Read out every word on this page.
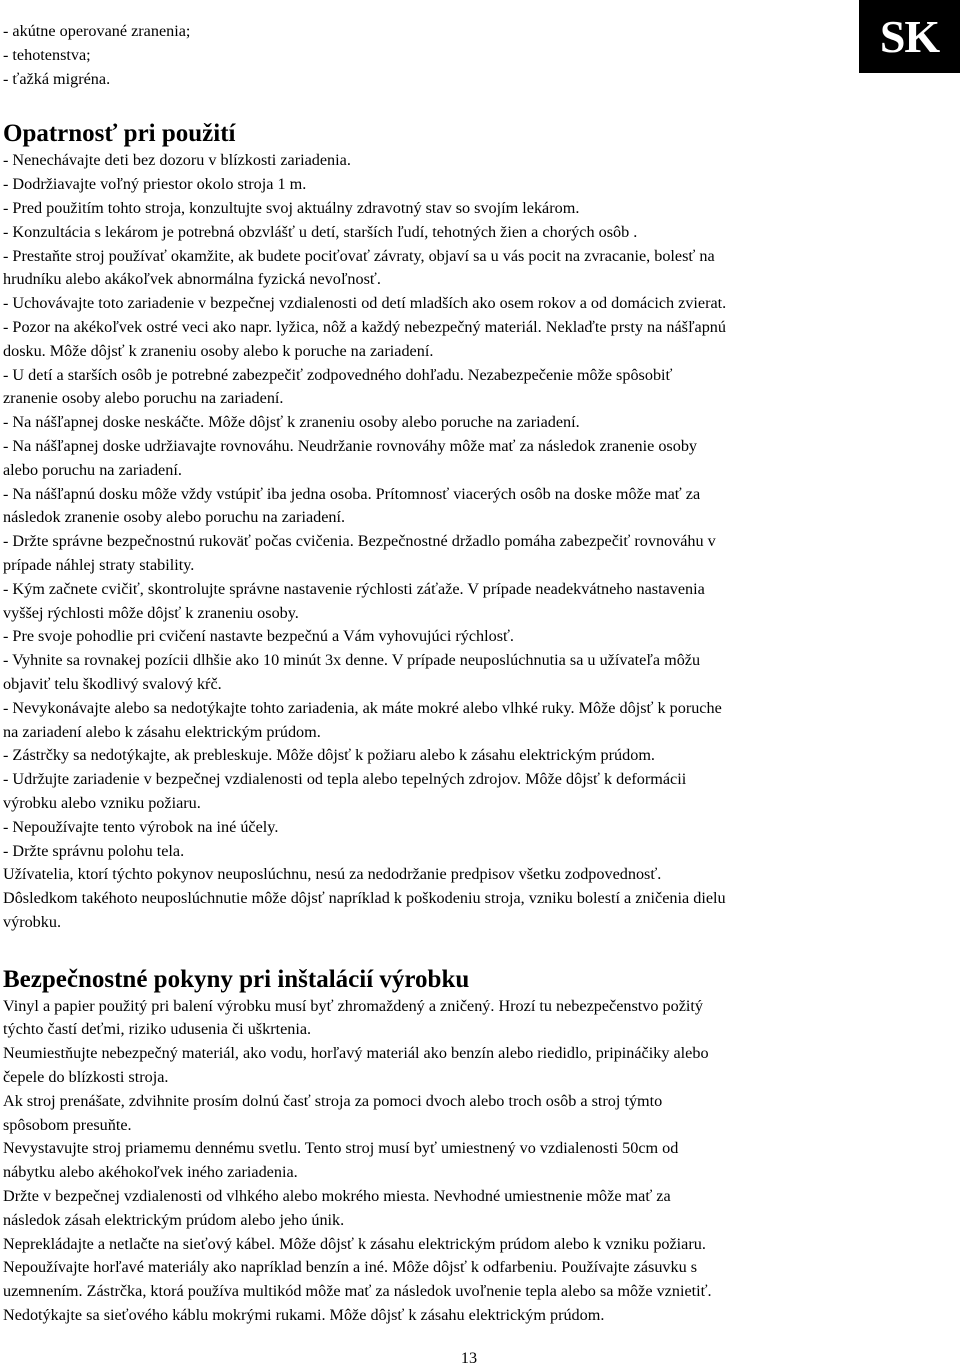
SK

- akútne operované zranenia;

- tehotenstva;

- ťažká migréna.

Opatrnosť pri použití

- Nenechávajte deti bez dozoru v blízkosti zariadenia.

- Dodržiavajte voľný priestor okolo stroja 1 m.

- Pred použitím tohto stroja, konzultujte svoj aktuálny zdravotný stav so svojím lekárom.

- Konzultácia s lekárom je potrebná obzvlášť u detí, starších ľudí, tehotných žien a chorých osôb .

- Prestaňte stroj používať okamžite, ak budete pociťovať závraty, objaví sa u vás pocit na zvracanie, bolesť na

hrudníku alebo akákoľvek abnormálna fyzická nevoľnosť.

- Uchovávajte toto zariadenie v bezpečnej vzdialenosti od detí mladších ako osem rokov a od domácich zvierat.

- Pozor na akékoľvek ostré veci ako napr. lyžica, nôž a každý nebezpečný materiál. Neklaďte prsty na nášľapnú

dosku. Môže dôjsť k zraneniu osoby alebo k poruche na zariadení.

- U detí a starších osôb je potrebné zabezpečiť zodpovedného dohľadu. Nezabezpečenie môže spôsobiť

zranenie osoby alebo poruchu na zariadení.

- Na nášľapnej doske neskáčte. Môže dôjsť k zraneniu osoby alebo poruche na zariadení.

- Na nášľapnej doske udržiavajte rovnováhu. Neudržanie rovnováhy môže mať za následok zranenie osoby

alebo poruchu na zariadení.

- Na nášľapnú dosku môže vždy vstúpiť iba jedna osoba. Prítomnosť viacerých osôb na doske môže mať za

následok zranenie osoby alebo poruchu na zariadení.

- Držte správne bezpečnostnú rukoväť počas cvičenia. Bezpečnostné držadlo pomáha zabezpečiť rovnováhu v

prípade náhlej straty stability.

- Kým začnete cvičiť, skontrolujte správne nastavenie rýchlosti záťaže. V prípade neadekvátneho nastavenia

vyššej rýchlosti môže dôjsť k zraneniu osoby.

- Pre svoje pohodlie pri cvičení nastavte bezpečnú a Vám vyhovujúci rýchlosť.

- Vyhnite sa rovnakej pozícii dlhšie ako 10 minút 3x denne. V prípade neuposlúchnutia sa u užívateľa môžu

objaviť telu škodlivý svalový kŕč.

- Nevykonávajte alebo sa nedotýkajte tohto zariadenia, ak máte mokré alebo vlhké ruky. Môže dôjsť k poruche

na zariadení alebo k zásahu elektrickým prúdom.

- Zástrčky sa nedotýkajte, ak prebleskuje. Môže dôjsť k požiaru alebo k zásahu elektrickým prúdom.

- Udržujte zariadenie v bezpečnej vzdialenosti od tepla alebo tepelných zdrojov. Môže dôjsť k deformácii

výrobku alebo vzniku požiaru.

- Nepoužívajte tento výrobok na iné účely.

- Držte správnu polohu tela.

Užívatelia, ktorí týchto pokynov neuposlúchnu, nesú za nedodržanie predpisov všetku zodpovednosť.

Dôsledkom takéhoto neuposlúchnutie môže dôjsť napríklad k poškodeniu stroja, vzniku bolestí a zničenia dielu

výrobku.

Bezpečnostné pokyny pri inštalácií výrobku

Vinyl a papier použitý pri balení výrobku musí byť zhromaždený a zničený. Hrozí tu nebezpečenstvo požitý

týchto častí deťmi, riziko udusenia či uškrtenia.

Neumiestňujte nebezpečný materiál, ako vodu, horľavý materiál ako benzín alebo riedidlo, pripináčiky alebo

čepele do blízkosti stroja.

Ak stroj prenášate, zdvihnite prosím dolnú časť stroja za pomoci dvoch alebo troch osôb a stroj týmto

spôsobom presuňte.

Nevystavujte stroj priamemu dennému svetlu. Tento stroj musí byť umiestnený vo vzdialenosti 50cm od

nábytku alebo akéhokoľvek iného zariadenia.

Držte v bezpečnej vzdialenosti od vlhkého alebo mokrého miesta. Nevhodné umiestnenie môže mať za

následok zásah elektrickým prúdom alebo jeho únik.

Neprekládajte a netlačte na sieťový kábel. Môže dôjsť k zásahu elektrickým prúdom alebo k vzniku požiaru.

Nepoužívajte horľavé materiály ako napríklad benzín a iné. Môže dôjsť k odfarbeniu. Používajte zásuvku s

uzemnením. Zástrčka, ktorá používa multikód môže mať za následok uvoľnenie tepla alebo sa môže vznietiť.

Nedotýkajte sa sieťového káblu mokrými rukami. Môže dôjsť k zásahu elektrickým prúdom.

13
